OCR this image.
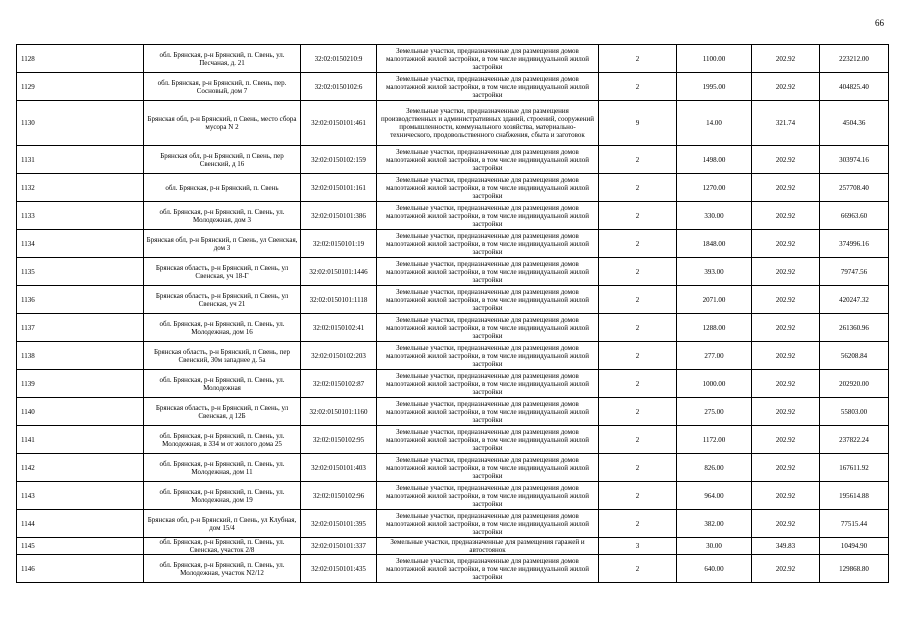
66
1128	обл. Брянская, р-н Брянский, п. Свень, ул. Песчаная, д. 21	32:02:0150210:9	Земельные участки, предназначенные для размещения домов малоэтажной жилой застройки, в том числе индивидуальной жилой застройки	2	1100.00	202.92	223212.00
1129	обл. Брянская, р-н Брянский, п. Свень, пер. Сосновый, дом 7	32:02:0150102:6	Земельные участки, предназначенные для размещения домов малоэтажной жилой застройки, в том числе индивидуальной жилой застройки	2	1995.00	202.92	404825.40
1130	Брянская обл, р-н Брянский, п Свень, место сбора мусора N 2	32:02:0150101:461	Земельные участки, предназначенные для размещения производственных и административных зданий, строений, сооружений промышленности, коммунального хозяйства, материально-технического, продовольственного снабжения, сбыта и заготовок	9	14.00	321.74	4504.36
1131	Брянская обл, р-н Брянский, п Свень, пер Свенский, д 16	32:02:0150102:159	Земельные участки, предназначенные для размещения домов малоэтажной жилой застройки, в том числе индивидуальной жилой застройки	2	1498.00	202.92	303974.16
1132	обл. Брянская, р-н Брянский, п. Свень	32:02:0150101:161	Земельные участки, предназначенные для размещения домов малоэтажной жилой застройки, в том числе индивидуальной жилой застройки	2	1270.00	202.92	257708.40
1133	обл. Брянская, р-н Брянский, п. Свень, ул. Молодежная, дом 3	32:02:0150101:386	Земельные участки, предназначенные для размещения домов малоэтажной жилой застройки, в том числе индивидуальной жилой застройки	2	330.00	202.92	66963.60
1134	Брянская обл, р-н Брянский, п Свень, ул Свенская, дом 3	32:02:0150101:19	Земельные участки, предназначенные для размещения домов малоэтажной жилой застройки, в том числе индивидуальной жилой застройки	2	1848.00	202.92	374996.16
1135	Брянская область, р-н Брянский, п Свень, ул Свенская, уч 18-Г	32:02:0150101:1446	Земельные участки, предназначенные для размещения домов малоэтажной жилой застройки, в том числе индивидуальной жилой застройки	2	393.00	202.92	79747.56
1136	Брянская область, р-н Брянский, п Свень, ул Свенская, уч 21	32:02:0150101:1118	Земельные участки, предназначенные для размещения домов малоэтажной жилой застройки, в том числе индивидуальной жилой застройки	2	2071.00	202.92	420247.32
1137	обл. Брянская, р-н Брянский, п. Свень, ул. Молодежная, дом 16	32:02:0150102:41	Земельные участки, предназначенные для размещения домов малоэтажной жилой застройки, в том числе индивидуальной жилой застройки	2	1288.00	202.92	261360.96
1138	Брянская область, р-н Брянский, п Свень, пер Свенский, 30м западнее д. 5а	32:02:0150102:203	Земельные участки, предназначенные для размещения домов малоэтажной жилой застройки, в том числе индивидуальной жилой застройки	2	277.00	202.92	56208.84
1139	обл. Брянская, р-н Брянский, п. Свень, ул. Молодежная	32:02:0150102:87	Земельные участки, предназначенные для размещения домов малоэтажной жилой застройки, в том числе индивидуальной жилой застройки	2	1000.00	202.92	202920.00
1140	Брянская область, р-н Брянский, п Свень, ул Свенская, д 12Б	32:02:0150101:1160	Земельные участки, предназначенные для размещения домов малоэтажной жилой застройки, в том числе индивидуальной жилой застройки	2	275.00	202.92	55803.00
1141	обл. Брянская, р-н Брянский, п. Свень, ул. Молодежная, в 334 м от жилого дома 25	32:02:0150102:95	Земельные участки, предназначенные для размещения домов малоэтажной жилой застройки, в том числе индивидуальной жилой застройки	2	1172.00	202.92	237822.24
1142	обл. Брянская, р-н Брянский, п. Свень, ул. Молодежная, дом 11	32:02:0150101:403	Земельные участки, предназначенные для размещения домов малоэтажной жилой застройки, в том числе индивидуальной жилой застройки	2	826.00	202.92	167611.92
1143	обл. Брянская, р-н Брянский, п. Свень, ул. Молодежная, дом 19	32:02:0150102:96	Земельные участки, предназначенные для размещения домов малоэтажной жилой застройки, в том числе индивидуальной жилой застройки	2	964.00	202.92	195614.88
1144	Брянская обл, р-н Брянский, п Свень, ул Клубная, дом 15/4	32:02:0150101:395	Земельные участки, предназначенные для размещения домов малоэтажной жилой застройки, в том числе индивидуальной жилой застройки	2	382.00	202.92	77515.44
1145	обл. Брянская, р-н Брянский, п. Свень, ул. Свенская, участок 2/8	32:02:0150101:337	Земельные участки, предназначенные для размещения гаражей и автостоянок	3	30.00	349.83	10494.90
1146	обл. Брянская, р-н Брянский, п. Свень, ул. Молодежная, участок N2/12	32:02:0150101:435	Земельные участки, предназначенные для размещения домов малоэтажной жилой застройки, в том числе индивидуальной жилой застройки	2	640.00	202.92	129868.80
